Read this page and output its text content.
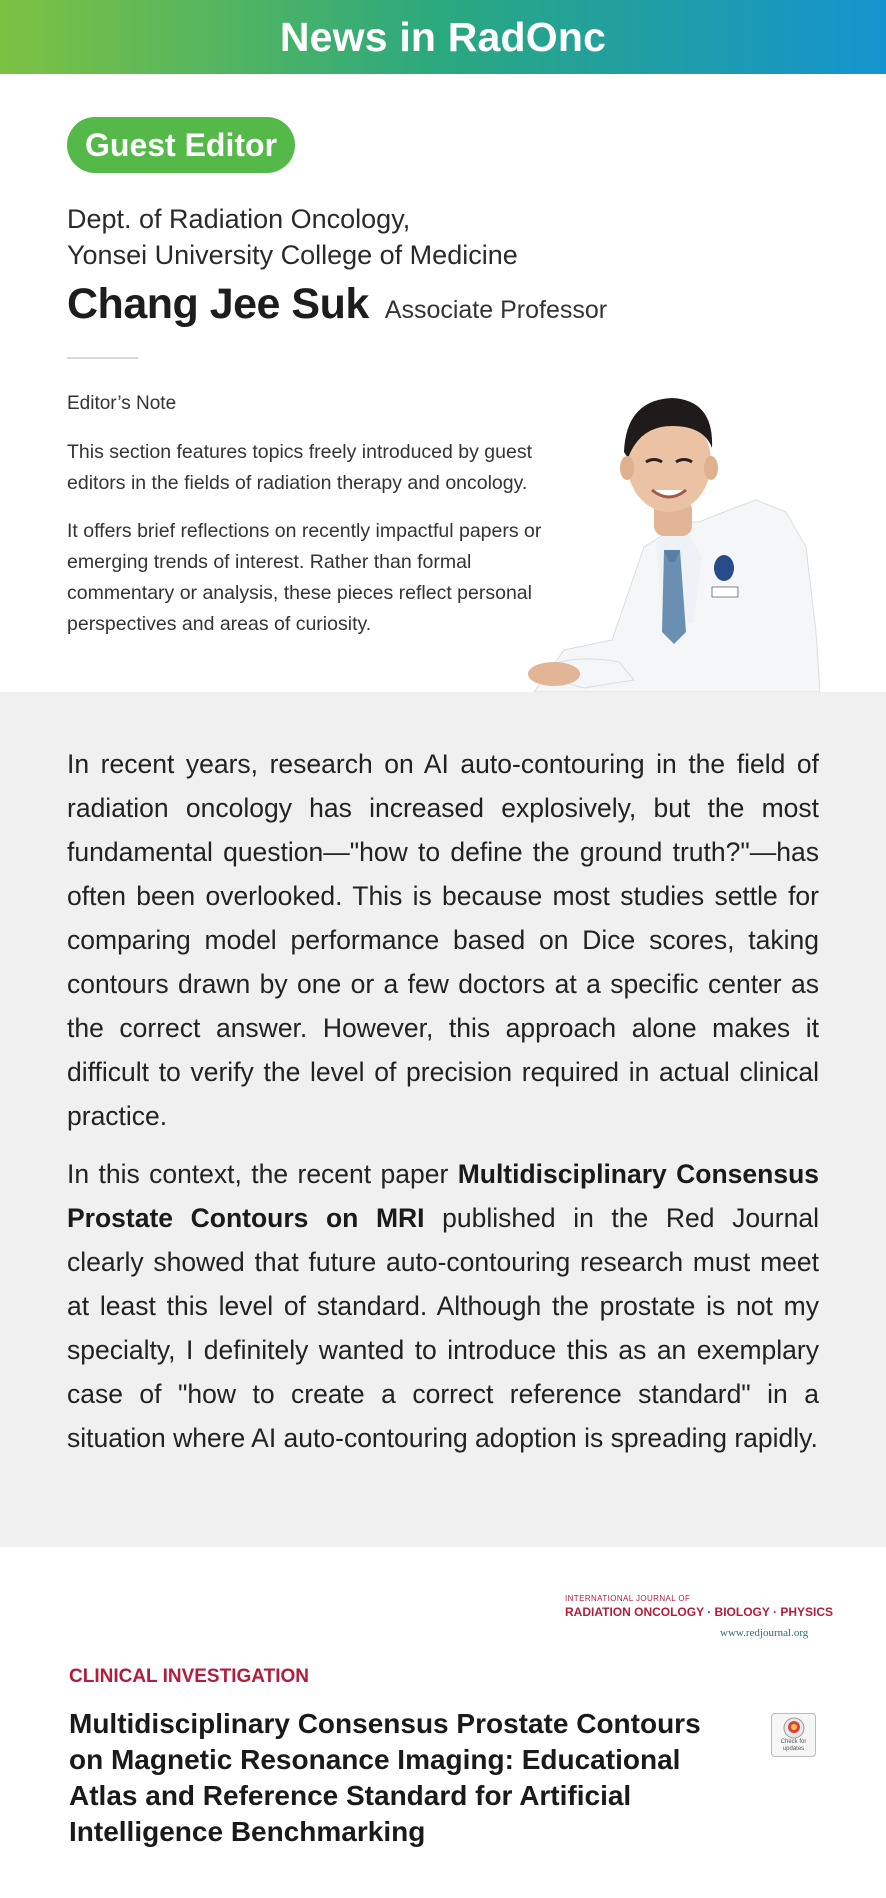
News in RadOnc
Guest Editor
Dept. of Radiation Oncology,
Yonsei University College of Medicine
Chang Jee Suk Associate Professor
Editor’s Note

This section features topics freely introduced by guest editors in the fields of radiation therapy and oncology.

It offers brief reflections on recently impactful papers or emerging trends of interest. Rather than formal commentary or analysis, these pieces reflect personal perspectives and areas of curiosity.

In recent years, research on AI auto-contouring in the field of radiation oncology has increased explosively, but the most fundamental question—"how to define the ground truth?"—has often been overlooked. This is because most studies settle for comparing model performance based on Dice scores, taking contours drawn by one or a few doctors at a specific center as the correct answer. However, this approach alone makes it difficult to verify the level of precision required in actual clinical practice.

In this context, the recent paper Multidisciplinary Consensus Prostate Contours on MRI published in the Red Journal clearly showed that future auto-contouring research must meet at least this level of standard. Although the prostate is not my specialty, I definitely wanted to introduce this as an exemplary case of "how to create a correct reference standard" in a situation where AI auto-contouring adoption is spreading rapidly.

INTERNATIONAL JOURNAL OF
RADIATION ONCOLOGY · BIOLOGY · PHYSICS
www.redjournal.org
CLINICAL INVESTIGATION
Multidisciplinary Consensus Prostate Contours on Magnetic Resonance Imaging: Educational Atlas and Reference Standard for Artificial Intelligence Benchmarking
Check for updates
